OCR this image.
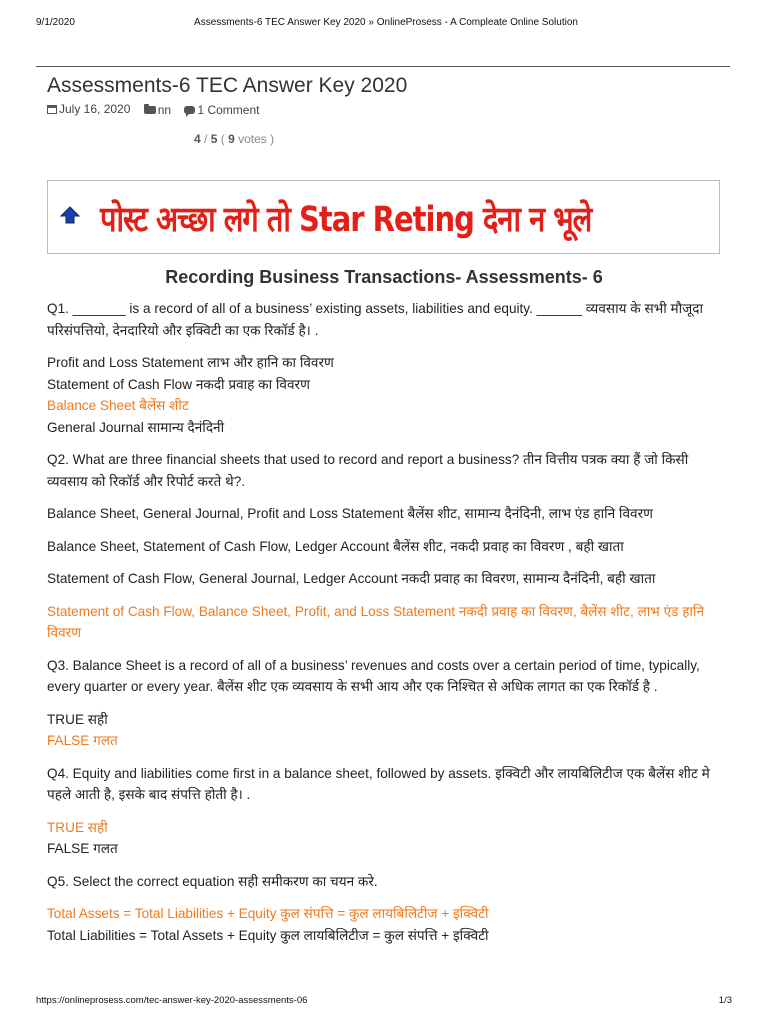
9/1/2020	Assessments-6 TEC Answer Key 2020 » OnlineProsess - A Compleate Online Solution
Assessments-6 TEC Answer Key 2020
July 16, 2020
nn
1 Comment
4 / 5 ( 9 votes )
पोस्ट अच्छा लगे तो Star Reting देना न भूले
Recording Business Transactions- Assessments- 6

Q1. _______ is a record of all of a business’ existing assets, liabilities and equity. ______ व्यवसाय के सभी मौजूदा परिसंपत्तियो, देनदारियो और इक्विटी का एक रिकॉर्ड है। .

Profit and Loss Statement लाभ और हानि का विवरण
Statement of Cash Flow नकदी प्रवाह का विवरण
Balance Sheet बैलेंस शीट
General Journal सामान्य दैनंदिनी

Q2. What are three financial sheets that used to record and report a business? तीन वित्तीय पत्रक क्या हैं जो किसी व्यवसाय को रिकॉर्ड और रिपोर्ट करते थे?.

Balance Sheet, General Journal, Profit and Loss Statement बैलेंस शीट, सामान्य दैनंदिनी, लाभ एंड हानि विवरण

Balance Sheet, Statement of Cash Flow, Ledger Account बैलेंस शीट, नकदी प्रवाह का विवरण , बही खाता

Statement of Cash Flow, General Journal, Ledger Account नकदी प्रवाह का विवरण, सामान्य दैनंदिनी, बही खाता

Statement of Cash Flow, Balance Sheet, Profit, and Loss Statement नकदी प्रवाह का विवरण, बैलेंस शीट, लाभ एंड हानि विवरण

Q3. Balance Sheet is a record of all of a business’ revenues and costs over a certain period of time, typically, every quarter or every year. बैलेंस शीट एक व्यवसाय के सभी आय और एक निश्चित से अधिक लागत का एक रिकॉर्ड है .

TRUE सही
FALSE गलत

Q4. Equity and liabilities come first in a balance sheet, followed by assets. इक्विटी और लायबिलिटीज एक बैलेंस शीट मे पहले आती है, इसके बाद संपत्ति होती है। .

TRUE सही
FALSE गलत

Q5. Select the correct equation सही समीकरण का चयन करे.

Total Assets = Total Liabilities + Equity कुल संपत्ति = कुल लायबिलिटीज + इक्विटी
Total Liabilities = Total Assets + Equity कुल लायबिलिटीज = कुल संपत्ति + इक्विटी
https://onlineprosess.com/tec-answer-key-2020-assessments-06	1/3
